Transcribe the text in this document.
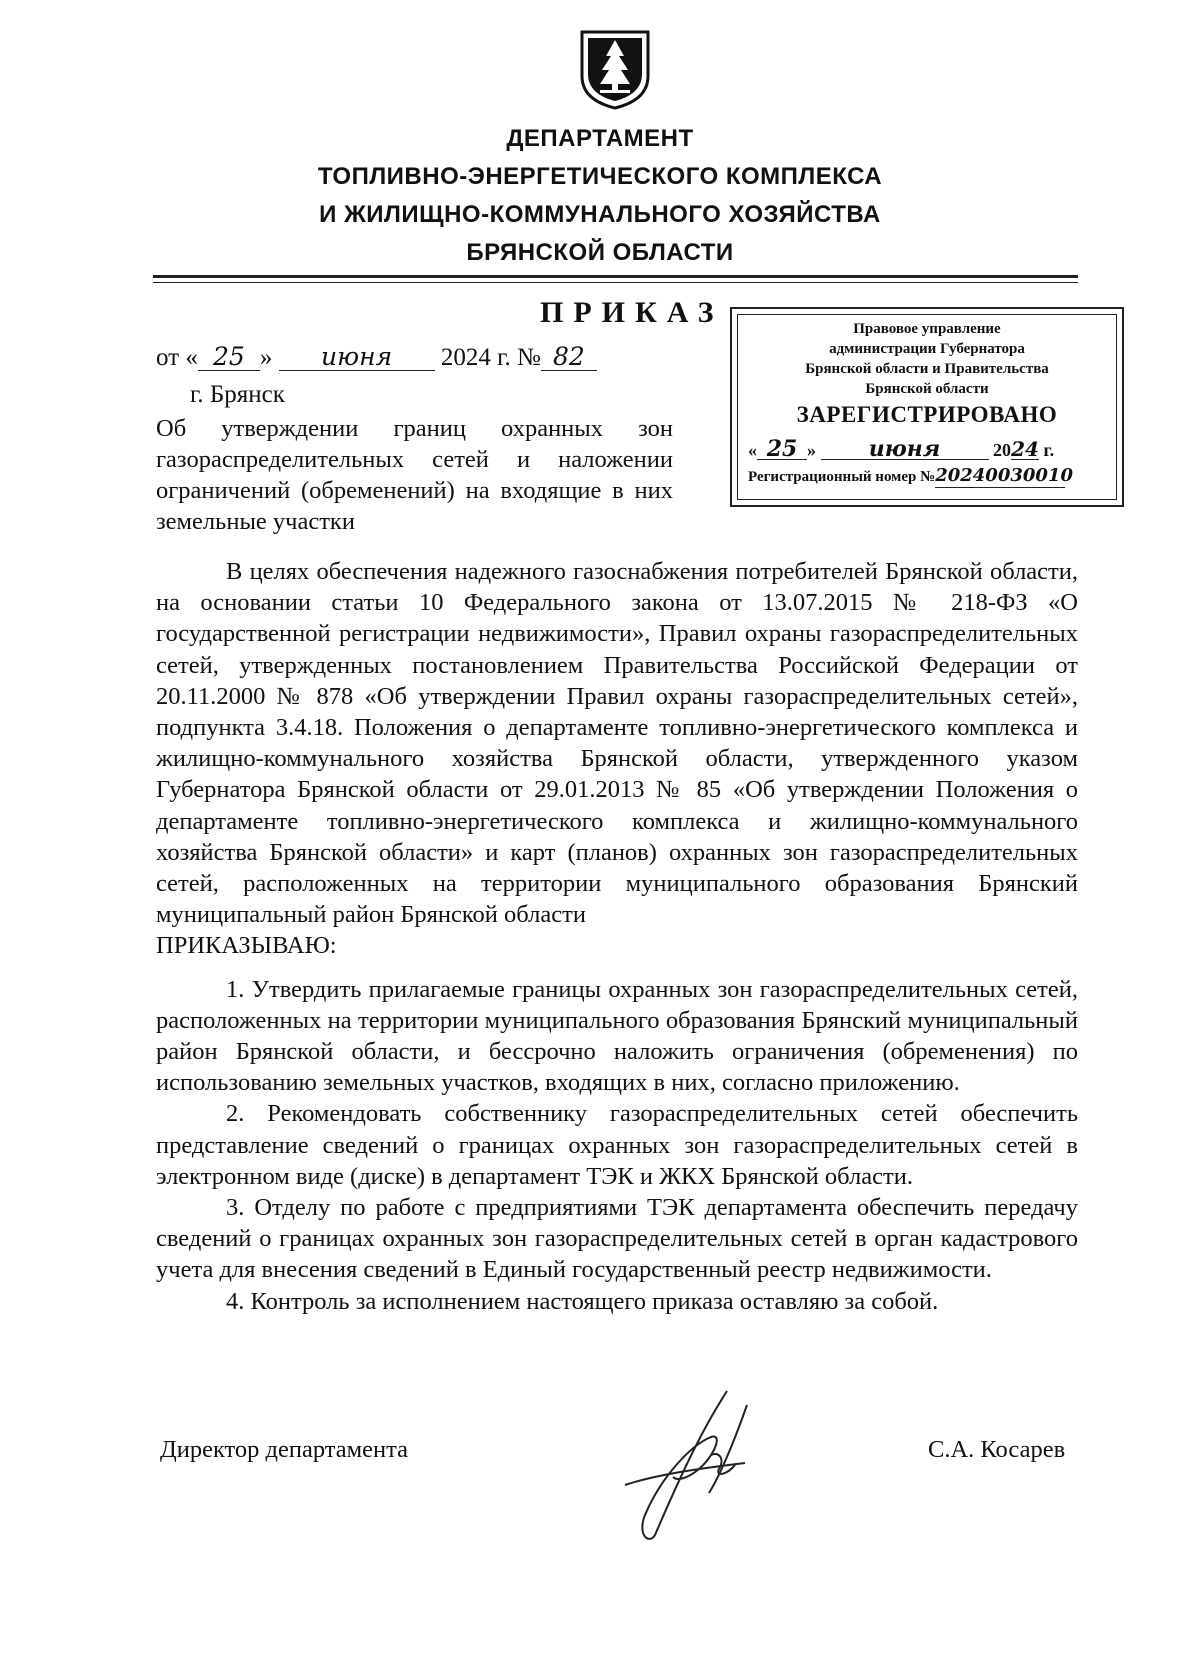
ДЕПАРТАМЕНТ
ТОПЛИВНО-ЭНЕРГЕТИЧЕСКОГО КОМПЛЕКСА
И ЖИЛИЩНО-КОММУНАЛЬНОГО ХОЗЯЙСТВА
БРЯНСКОЙ ОБЛАСТИ
ПРИКАЗ
от « 25 » июня 2024 г. № 82
г. Брянск
Правовое управление
администрации Губернатора
Брянской области и Правительства
Брянской области
ЗАРЕГИСТРИРОВАНО
« 25 » июня	2024 г.
Регистрационный номер №20240030010
Об утверждении границ охранных зон газораспределительных сетей и наложении ограничений (обременений) на входящие в них земельные участки

В целях обеспечения надежного газоснабжения потребителей Брянской области, на основании статьи 10 Федерального закона от 13.07.2015 № 218-ФЗ «О государственной регистрации недвижимости», Правил охраны газораспределительных сетей, утвержденных постановлением Правительства Российской Федерации от 20.11.2000 № 878 «Об утверждении Правил охраны газораспределительных сетей», подпункта 3.4.18. Положения о департаменте топливно-энергетического комплекса и жилищно-коммунального хозяйства Брянской области, утвержденного указом Губернатора Брянской области от 29.01.2013 № 85 «Об утверждении Положения о департаменте топливно-энергетического комплекса и жилищно-коммунального хозяйства Брянской области» и карт (планов) охранных зон газораспределительных сетей, расположенных на территории муниципального образования Брянский муниципальный район Брянской области

ПРИКАЗЫВАЮ:

1. Утвердить прилагаемые границы охранных зон газораспределительных сетей, расположенных на территории муниципального образования Брянский муниципальный район Брянской области, и бессрочно наложить ограничения (обременения) по использованию земельных участков, входящих в них, согласно приложению.

2. Рекомендовать собственнику газораспределительных сетей обеспечить представление сведений о границах охранных зон газораспределительных сетей в электронном виде (диске) в департамент ТЭК и ЖКХ Брянской области.

3. Отделу по работе с предприятиями ТЭК департамента обеспечить передачу сведений о границах охранных зон газораспределительных сетей в орган кадастрового учета для внесения сведений в Единый государственный реестр недвижимости.

4. Контроль за исполнением настоящего приказа оставляю за собой.

Директор департамента	С.А. Косарев
